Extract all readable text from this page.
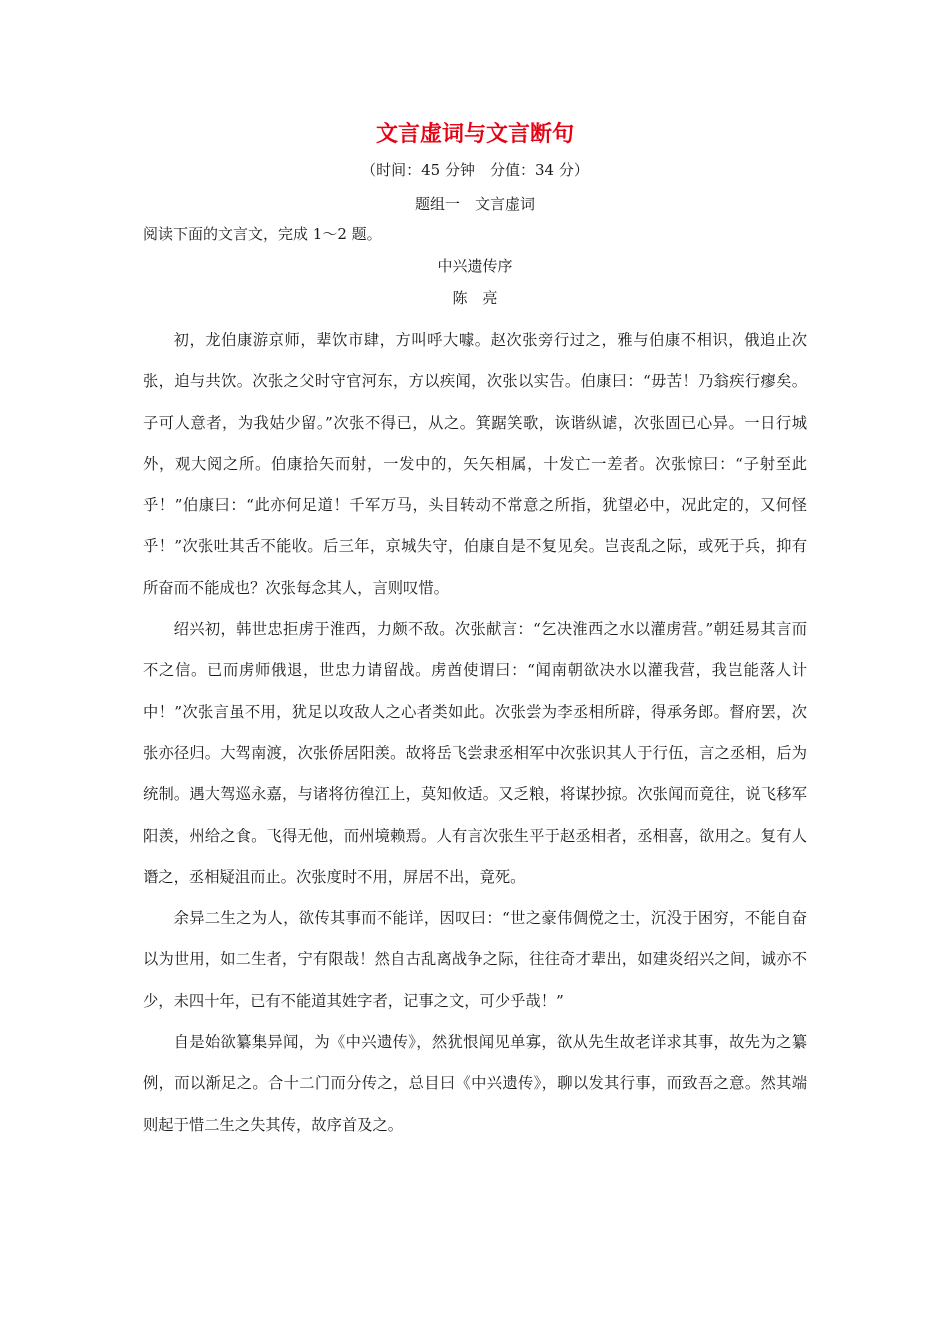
文言虚词与文言断句
（时间：45 分钟　分值：34 分）
题组一　文言虚词
阅读下面的文言文，完成 1～2 题。
中兴遗传序
陈　亮

初，龙伯康游京师，辈饮市肆，方叫呼大噱。赵次张旁行过之，雅与伯康不相识，俄追止次张，迫与共饮。次张之父时守官河东，方以疾闻，次张以实告。伯康曰：“毋苦！乃翁疾行瘳矣。子可人意者，为我姑少留。”次张不得已，从之。箕踞笑歌，诙谐纵谑，次张固已心异。一日行城外，观大阅之所。伯康拾矢而射，一发中的，矢矢相属，十发亡一差者。次张惊曰：“子射至此乎！”伯康曰：“此亦何足道！千军万马，头目转动不常意之所指，犹望必中，况此定的，又何怪乎！”次张吐其舌不能收。后三年，京城失守，伯康自是不复见矣。岂丧乱之际，或死于兵，抑有所奋而不能成也？次张每念其人，言则叹惜。

绍兴初，韩世忠拒虏于淮西，力颇不敌。次张献言：“乞决淮西之水以灌虏营。”朝廷易其言而不之信。已而虏师俄退，世忠力请留战。虏酋使谓曰：“闻南朝欲决水以灌我营，我岂能落人计中！”次张言虽不用，犹足以攻敌人之心者类如此。次张尝为李丞相所辟，得承务郎。督府罢，次张亦径归。大驾南渡，次张侨居阳羡。故将岳飞尝隶丞相军中次张识其人于行伍，言之丞相，后为统制。遇大驾巡永嘉，与诸将彷徨江上，莫知攸适。又乏粮，将谋抄掠。次张闻而竟往，说飞移军阳羡，州给之食。飞得无他，而州境赖焉。人有言次张生平于赵丞相者，丞相喜，欲用之。复有人谮之，丞相疑沮而止。次张度时不用，屏居不出，竟死。

余异二生之为人，欲传其事而不能详，因叹曰：“世之豪伟倜傥之士，沉没于困穷，不能自奋以为世用，如二生者，宁有限哉！然自古乱离战争之际，往往奇才辈出，如建炎绍兴之间，诚亦不少，未四十年，已有不能道其姓字者，记事之文，可少乎哉！”

自是始欲纂集异闻，为《中兴遗传》，然犹恨闻见单寡，欲从先生故老详求其事，故先为之纂例，而以渐足之。合十二门而分传之，总目曰《中兴遗传》，聊以发其行事，而致吾之意。然其端则起于惜二生之失其传，故序首及之。
